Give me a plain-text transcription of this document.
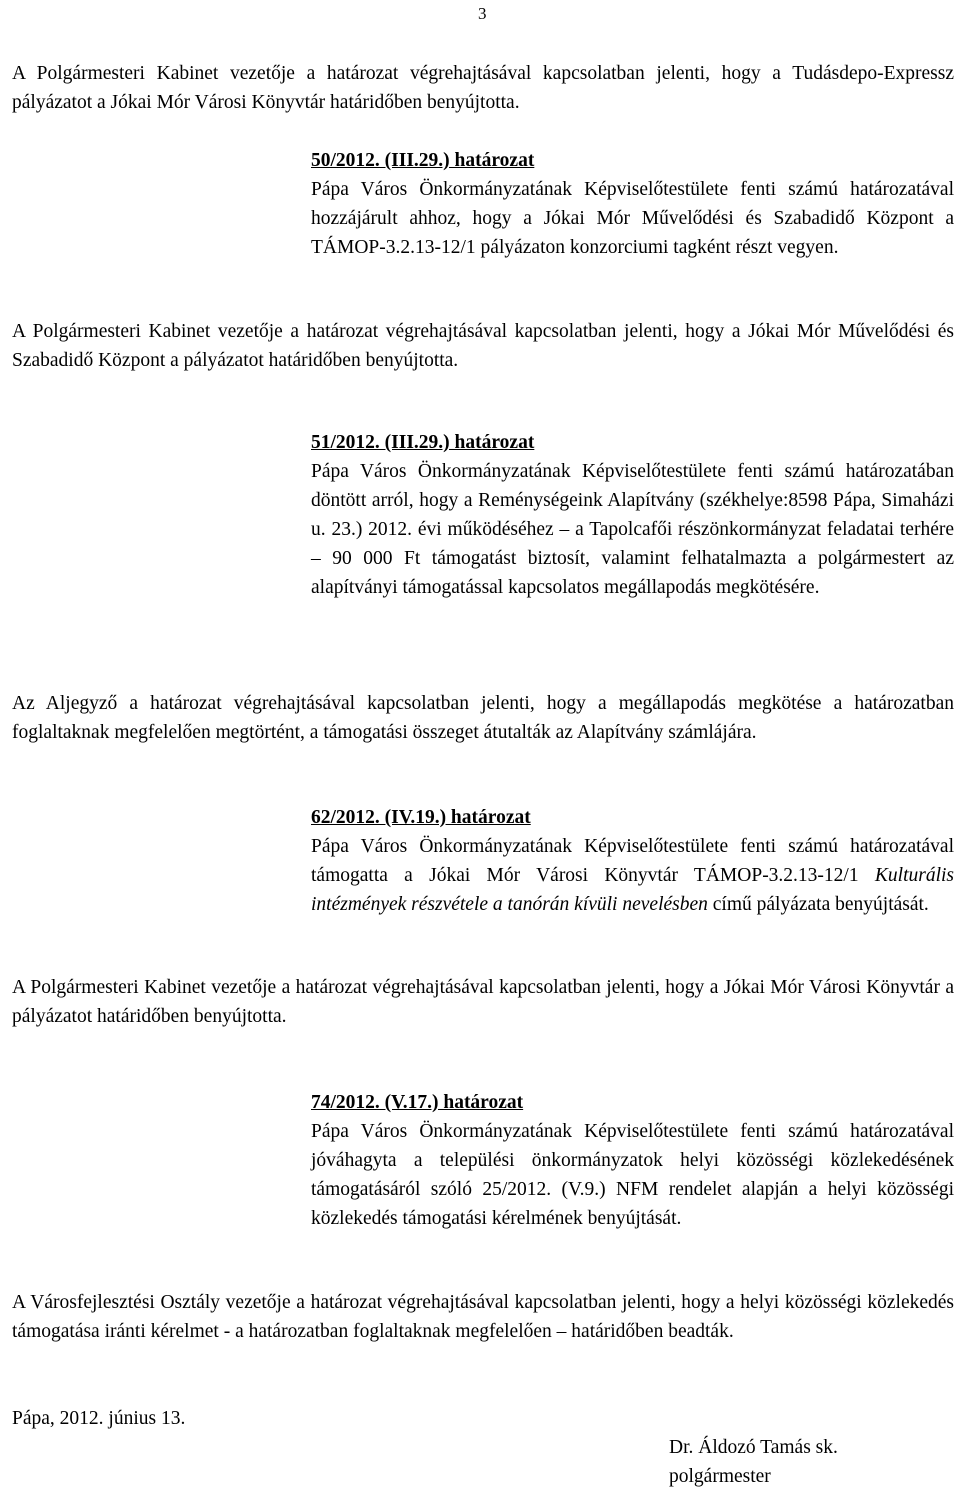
3

A Polgármesteri Kabinet vezetője a határozat végrehajtásával kapcsolatban jelenti, hogy a Tudásdepo-Expressz pályázatot a Jókai Mór Városi Könyvtár határidőben benyújtotta.

50/2012. (III.29.) határozat

Pápa Város Önkormányzatának Képviselőtestülete fenti számú határozatával hozzájárult ahhoz, hogy a Jókai Mór Művelődési és Szabadidő Központ a TÁMOP-3.2.13-12/1 pályázaton konzorciumi tagként részt vegyen.

A Polgármesteri Kabinet vezetője a határozat végrehajtásával kapcsolatban jelenti, hogy a Jókai Mór Művelődési és Szabadidő Központ a pályázatot határidőben benyújtotta.

51/2012. (III.29.) határozat

Pápa Város Önkormányzatának Képviselőtestülete fenti számú határozatában döntött arról, hogy a Reménységeink Alapítvány (székhelye:8598 Pápa, Simaházi u. 23.) 2012. évi működéséhez – a Tapolcafői részönkormányzat feladatai terhére – 90 000 Ft támogatást biztosít, valamint felhatalmazta a polgármestert az alapítványi támogatással kapcsolatos megállapodás megkötésére.

Az Aljegyző a határozat végrehajtásával kapcsolatban jelenti, hogy a megállapodás megkötése a határozatban foglaltaknak megfelelően megtörtént, a támogatási összeget átutalták az Alapítvány számlájára.

62/2012. (IV.19.) határozat

Pápa Város Önkormányzatának Képviselőtestülete fenti számú határozatával támogatta a Jókai Mór Városi Könyvtár TÁMOP-3.2.13-12/1 Kulturális intézmények részvétele a tanórán kívüli nevelésben című pályázata benyújtását.

A Polgármesteri Kabinet vezetője a határozat végrehajtásával kapcsolatban jelenti, hogy a Jókai Mór Városi Könyvtár a pályázatot határidőben benyújtotta.

74/2012. (V.17.) határozat

Pápa Város Önkormányzatának Képviselőtestülete fenti számú határozatával jóváhagyta a települési önkormányzatok helyi közösségi közlekedésének támogatásáról szóló 25/2012. (V.9.) NFM rendelet alapján a helyi közösségi közlekedés támogatási kérelmének benyújtását.

A Városfejlesztési Osztály vezetője a határozat végrehajtásával kapcsolatban jelenti, hogy a helyi közösségi közlekedés támogatása iránti kérelmet - a határozatban foglaltaknak megfelelően – határidőben beadták.

Pápa, 2012. június 13.
Dr. Áldozó Tamás sk.
polgármester
